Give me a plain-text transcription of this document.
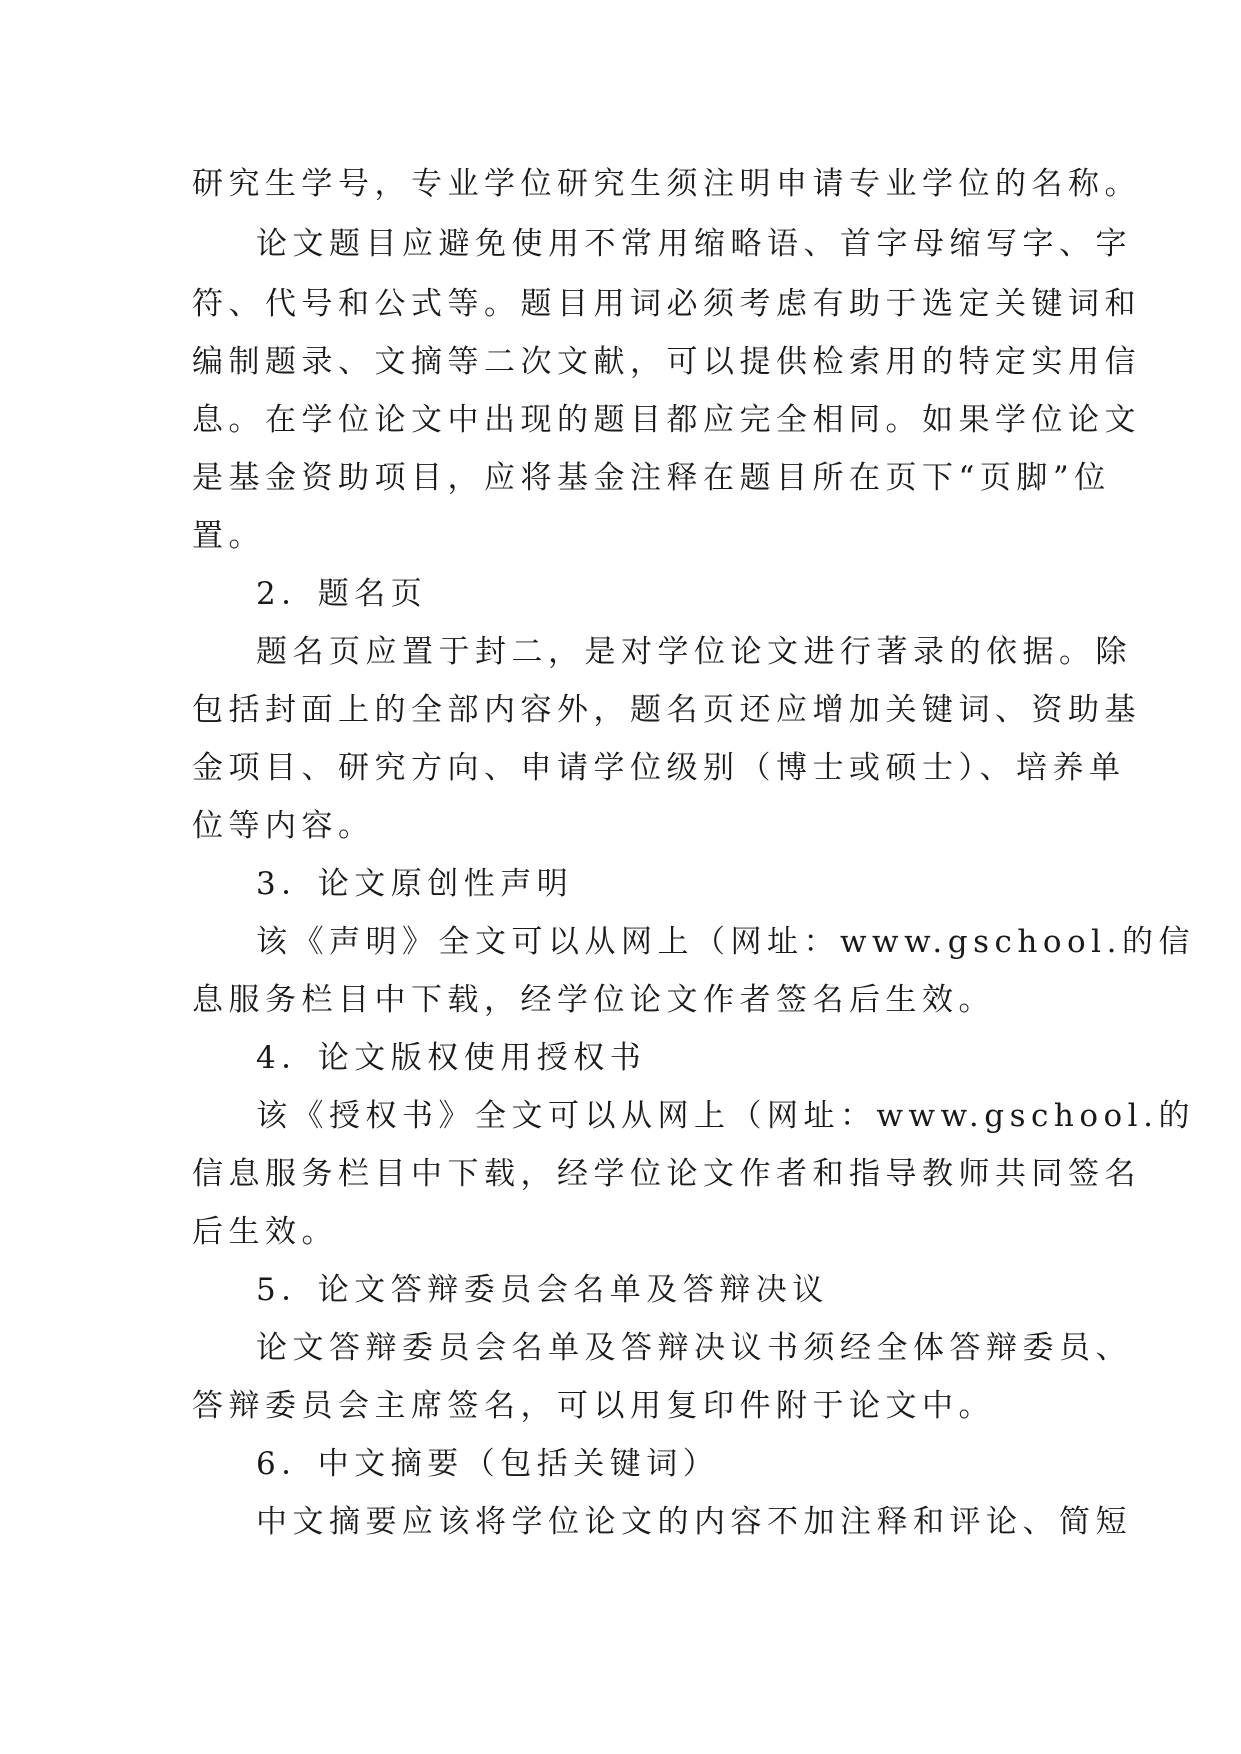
研究生学号，专业学位研究生须注明申请专业学位的名称。
论文题目应避免使用不常用缩略语、首字母缩写字、字
符、代号和公式等。题目用词必须考虑有助于选定关键词和
编制题录、文摘等二次文献，可以提供检索用的特定实用信
息。在学位论文中出现的题目都应完全相同。如果学位论文
是基金资助项目，应将基金注释在题目所在页下“页脚”位
置。
2．题名页
题名页应置于封二，是对学位论文进行著录的依据。除
包括封面上的全部内容外，题名页还应增加关键词、资助基
金项目、研究方向、申请学位级别（博士或硕士）、培养单
位等内容。
3．论文原创性声明
该《声明》全文可以从网上（网址：www.gschool.的信
息服务栏目中下载，经学位论文作者签名后生效。
4．论文版权使用授权书
该《授权书》全文可以从网上（网址：www.gschool.的
信息服务栏目中下载，经学位论文作者和指导教师共同签名
后生效。
5．论文答辩委员会名单及答辩决议
论文答辩委员会名单及答辩决议书须经全体答辩委员、
答辩委员会主席签名，可以用复印件附于论文中。
6．中文摘要（包括关键词）
中文摘要应该将学位论文的内容不加注释和评论、简短
